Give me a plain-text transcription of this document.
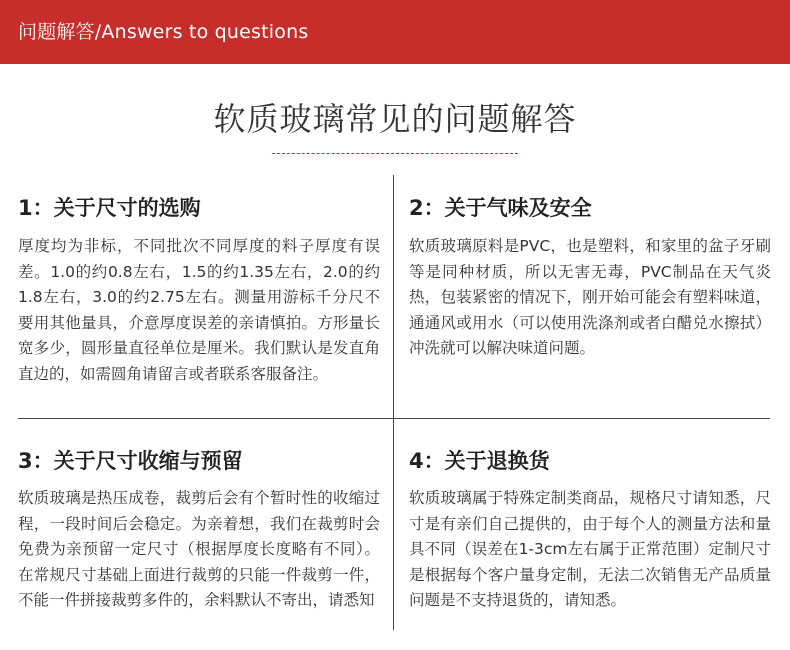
问题解答/Answers to questions
软质玻璃常见的问题解答
1：关于尺寸的选购

厚度均为非标，不同批次不同厚度的料子厚度有误差。1.0的约0.8左右，1.5的约1.35左右，2.0的约1.8左右，3.0的约2.75左右。测量用游标千分尺不要用其他量具，介意厚度误差的亲请慎拍。方形量长宽多少，圆形量直径单位是厘米。我们默认是发直角直边的，如需圆角请留言或者联系客服备注。

2：关于气味及安全

软质玻璃原料是PVC，也是塑料，和家里的盆子牙刷等是同种材质，所以无害无毒，PVC制品在天气炎热，包装紧密的情况下，刚开始可能会有塑料味道，通通风或用水（可以使用洗涤剂或者白醋兑水擦拭）冲洗就可以解决味道问题。

3：关于尺寸收缩与预留

软质玻璃是热压成卷，裁剪后会有个暂时性的收缩过程，一段时间后会稳定。为亲着想，我们在裁剪时会免费为亲预留一定尺寸（根据厚度长度略有不同）。在常规尺寸基础上面进行裁剪的只能一件裁剪一件，不能一件拼接裁剪多件的，余料默认不寄出，请悉知

4：关于退换货

软质玻璃属于特殊定制类商品，规格尺寸请知悉，尺寸是有亲们自己提供的，由于每个人的测量方法和量具不同（误差在1-3cm左右属于正常范围）定制尺寸是根据每个客户量身定制，无法二次销售无产品质量问题是不支持退货的，请知悉。
